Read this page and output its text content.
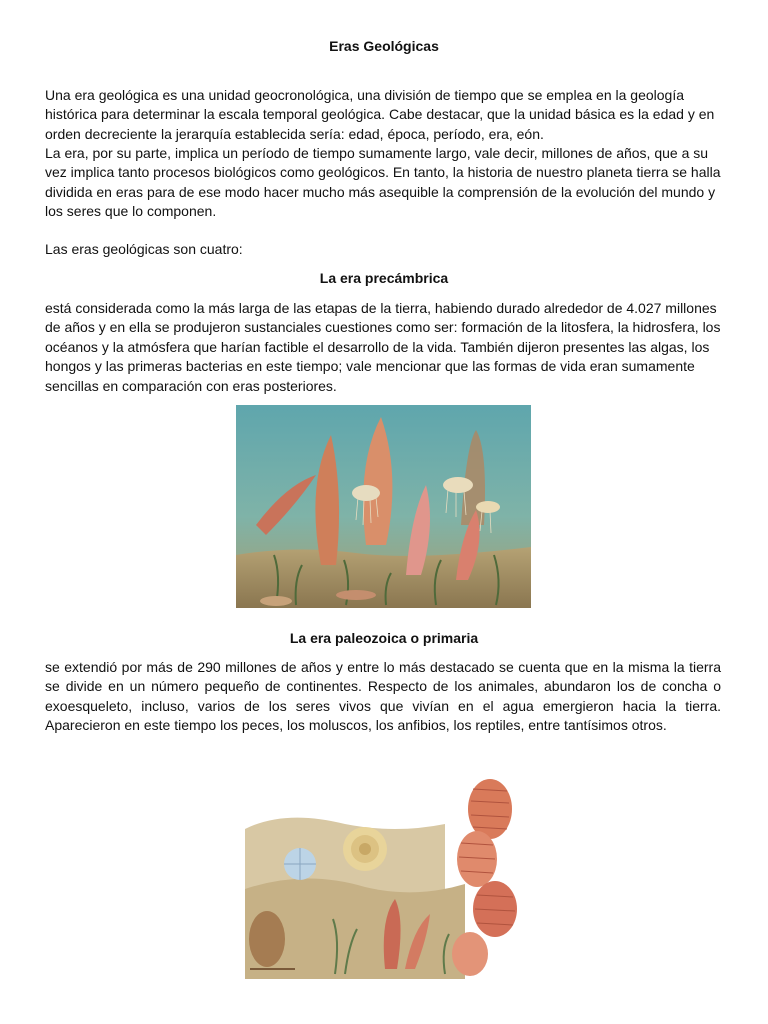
Eras Geológicas

Una era geológica es una unidad geocronológica, una división de tiempo que se emplea en la geología histórica para determinar la escala temporal geológica. Cabe destacar, que la unidad básica es la edad y en orden decreciente la jerarquía establecida sería: edad, época, período, era, eón.

La era, por su parte, implica un período de tiempo sumamente largo, vale decir, millones de años, que a su vez implica tanto procesos biológicos como geológicos. En tanto, la historia de nuestro planeta tierra se halla dividida en eras para de ese modo hacer mucho más asequible la comprensión de la evolución del mundo y los seres que lo componen.

Las eras geológicas son cuatro:

La era precámbrica

está considerada como la más larga de las etapas de la tierra, habiendo durado alrededor de 4.027 millones de años y en ella se produjeron sustanciales cuestiones como ser: formación de la litosfera, la hidrosfera, los océanos y la atmósfera que harían factible el desarrollo de la vida. También dijeron presentes las algas, los hongos y las primeras bacterias en este tiempo; vale mencionar que las formas de vida eran sumamente sencillas en comparación con eras posteriores.

La era paleozoica o primaria

se extendió por más de 290 millones de años y entre lo más destacado se cuenta que en la misma la tierra se divide en un número pequeño de continentes. Respecto de los animales, abundaron los de concha o exoesqueleto, incluso, varios de los seres vivos que vivían en el agua emergieron hacia la tierra. Aparecieron en este tiempo los peces, los moluscos, los anfibios, los reptiles, entre tantísimos otros.
